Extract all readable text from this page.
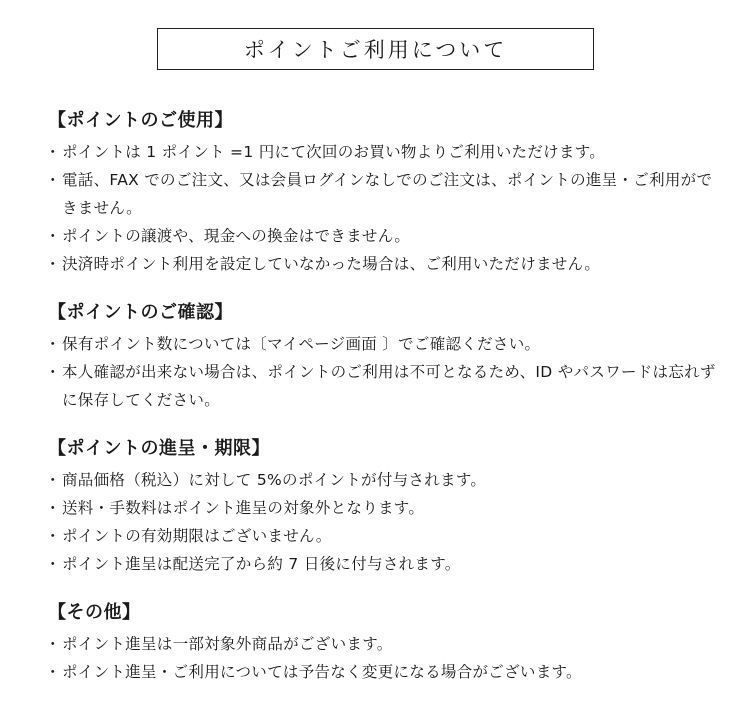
ポイントご利用について
【ポイントのご使用】
・ ポイントは 1 ポイント =1 円にて次回のお買い物よりご利用いただけます。
・ 電話、FAX でのご注文、又は会員ログインなしでのご注文は、ポイントの進呈・ご利用ができません。
・ ポイントの譲渡や、現金への換金はできません。
・ 決済時ポイント利用を設定していなかった場合は、ご利用いただけません。
【ポイントのご確認】
・ 保有ポイント数については〔マイページ画面 〕でご確認ください。
・ 本人確認が出来ない場合は、ポイントのご利用は不可となるため、ID やパスワードは忘れずに保存してください。
【ポイントの進呈・期限】
・ 商品価格（税込）に対して 5%のポイントが付与されます。
・ 送料・手数料はポイント進呈の対象外となります。
・ ポイントの有効期限はございません。
・ ポイント進呈は配送完了から約 7 日後に付与されます。
【その他】
・ ポイント進呈は一部対象外商品がございます。
・ ポイント進呈・ご利用については予告なく変更になる場合がございます。
